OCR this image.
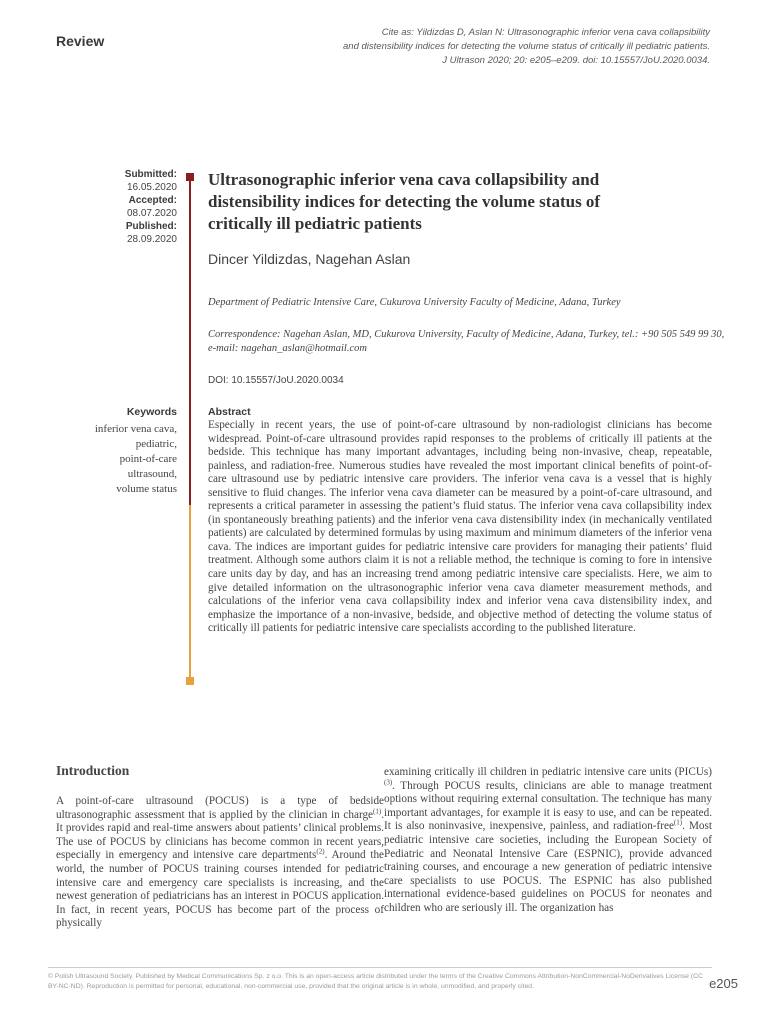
Review
Cite as: Yildizdas D, Aslan N: Ultrasonographic inferior vena cava collapsibility
and distensibility indices for detecting the volume status of critically ill pediatric patients.
J Ultrason 2020; 20: e205–e209. doi: 10.15557/JoU.2020.0034.
Submitted:
16.05.2020
Accepted:
08.07.2020
Published:
28.09.2020
Ultrasonographic inferior vena cava collapsibility and distensibility indices for detecting the volume status of critically ill pediatric patients
Dincer Yildizdas, Nagehan Aslan
Department of Pediatric Intensive Care, Cukurova University Faculty of Medicine, Adana, Turkey
Correspondence: Nagehan Aslan, MD, Cukurova University, Faculty of Medicine, Adana, Turkey, tel.: +90 505 549 99 30, e-mail: nagehan_aslan@hotmail.com
DOI: 10.15557/JoU.2020.0034
Keywords
inferior vena cava,
pediatric,
point-of-care
ultrasound,
volume status
Abstract
Especially in recent years, the use of point-of-care ultrasound by non-radiologist clinicians has become widespread. Point-of-care ultrasound provides rapid responses to the problems of critically ill patients at the bedside. This technique has many important advantages, including being non-invasive, cheap, repeatable, painless, and radiation-free. Numerous studies have revealed the most important clinical benefits of point-of-care ultrasound use by pediatric intensive care providers. The inferior vena cava is a vessel that is highly sensitive to fluid changes. The inferior vena cava diameter can be measured by a point-of-care ultrasound, and represents a critical parameter in assessing the patient’s fluid status. The inferior vena cava collapsibility index (in spontaneously breathing patients) and the inferior vena cava distensibility index (in mechanically ventilated patients) are calculated by determined formulas by using maximum and minimum diameters of the inferior vena cava. The indices are important guides for pediatric intensive care providers for managing their patients’ fluid treatment. Although some authors claim it is not a reliable method, the technique is coming to fore in intensive care units day by day, and has an increasing trend among pediatric intensive care specialists. Here, we aim to give detailed information on the ultrasonographic inferior vena cava diameter measurement methods, and calculations of the inferior vena cava collapsibility index and inferior vena cava distensibility index, and emphasize the importance of a non-invasive, bedside, and objective method of detecting the volume status of critically ill patients for pediatric intensive care specialists according to the published literature.
Introduction
A point-of-care ultrasound (POCUS) is a type of bedside ultrasonographic assessment that is applied by the clinician in charge$^{(1)}$. It provides rapid and real-time answers about patients’ clinical problems. The use of POCUS by clinicians has become common in recent years, especially in emergency and intensive care departments$^{(2)}$. Around the world, the number of POCUS training courses intended for pediatric intensive care and emergency care specialists is increasing, and the newest generation of pediatricians has an interest in POCUS application. In fact, in recent years, POCUS has become part of the process of physically
examining critically ill children in pediatric intensive care units (PICUs)$^{(3)}$. Through POCUS results, clinicians are able to manage treatment options without requiring external consultation. The technique has many important advantages, for example it is easy to use, and can be repeated. It is also noninvasive, inexpensive, painless, and radiation-free$^{(1)}$. Most pediatric intensive care societies, including the European Society of Pediatric and Neonatal Intensive Care (ESPNIC), provide advanced training courses, and encourage a new generation of pediatric intensive care specialists to use POCUS. The ESPNIC has also published international evidence-based guidelines on POCUS for neonates and children who are seriously ill. The organization has
© Polish Ultrasound Society. Published by Medical Communications Sp. z o.o. This is an open-access article distributed under the terms of the Creative Commons Attribution-NonCommercial-NoDerivatives License (CC BY-NC-ND). Reproduction is permitted for personal, educational, non-commercial use, provided that the original article is in whole, unmodified, and properly cited.	e205
